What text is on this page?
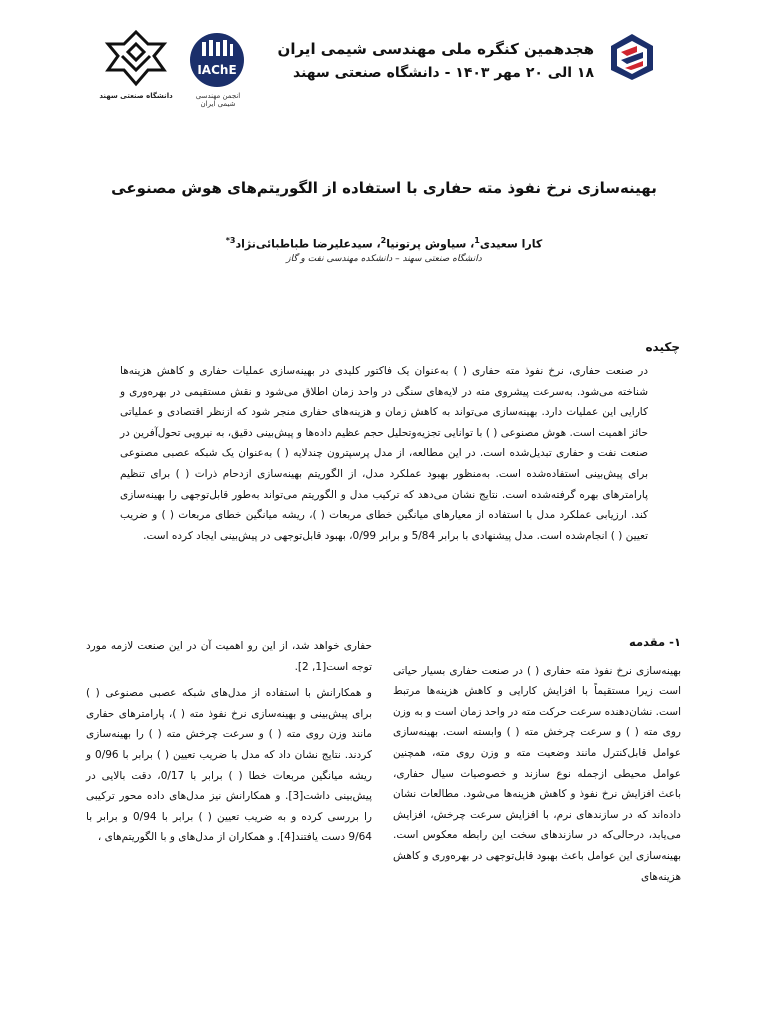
هجدهمین کنگره ملی مهندسی شیمی ایران
۱۸ الی ۲۰ مهر ۱۴۰۳ - دانشگاه صنعتی سهند
IAChE
انجمن مهندسی شیمی ایران
دانشگاه صنعتی سهند
بهینه‌سازی نرخ نفوذ مته حفاری با استفاده از الگوریتم‌های هوش مصنوعی
کارا سعیدی$^1$، سیاوش پرتونیا$^2$، سیدعلیرضا طباطبائی‌نژاد$^{3*}$
دانشگاه صنعتی سهند – دانشکده مهندسی نفت و گاز
چکیده
در صنعت حفاری، نرخ نفوذ مته حفاری ( ) به‌عنوان یک فاکتور کلیدی در بهینه‌سازی عملیات حفاری و کاهش هزینه‌ها شناخته می‌شود. به‌سرعت پیشروی مته در لایه‌های سنگی در واحد زمان اطلاق می‌شود و نقش مستقیمی در بهره‌وری و کارایی این عملیات دارد. بهینه‌سازی می‌تواند به کاهش زمان و هزینه‌های حفاری منجر شود که ازنظر اقتصادی و عملیاتی حائز اهمیت است. هوش مصنوعی ( ) با توانایی تجزیه‌وتحلیل حجم عظیم داده‌ها و پیش‌بینی دقیق، به نیرویی تحول‌آفرین در صنعت نفت و حفاری تبدیل‌شده است. در این مطالعه، از مدل پرسپترون چندلایه ( ) به‌عنوان یک شبکه عصبی مصنوعی برای پیش‌بینی استفاده‌شده است. به‌منظور بهبود عملکرد مدل، از الگوریتم بهینه‌سازی ازدحام ذرات ( ) برای تنظیم پارامترهای بهره گرفته‌شده است. نتایج نشان می‌دهد که ترکیب مدل و الگوریتم می‌تواند به‌طور قابل‌توجهی را بهینه‌سازی کند. ارزیابی عملکرد مدل با استفاده از معیارهای میانگین خطای مربعات ( )، ریشه میانگین خطای مربعات ( ) و ضریب تعیین ( ) انجام‌شده است. مدل پیشنهادی با برابر 5/84 و برابر 0/99، بهبود قابل‌توجهی در پیش‌بینی ایجاد کرده است.
۱- مقدمه

بهینه‌سازی نرخ نفوذ مته حفاری ( ) در صنعت حفاری بسیار حیاتی است زیرا مستقیماً با افزایش کارایی و کاهش هزینه‌ها مرتبط است. نشان‌دهنده سرعت حرکت مته در واحد زمان است و به وزن روی مته ( ) و سرعت چرخش مته ( ) وابسته است. بهینه‌سازی عوامل قابل‌کنترل مانند وضعیت مته و وزن روی مته، همچنین عوامل محیطی ازجمله نوع سازند و خصوصیات سیال حفاری، باعث افزایش نرخ نفوذ و کاهش هزینه‌ها می‌شود. مطالعات نشان داده‌اند که در سازندهای نرم، با افزایش سرعت چرخش، افزایش می‌یابد، درحالی‌که در سازندهای سخت این رابطه معکوس است. بهینه‌سازی این عوامل باعث بهبود قابل‌توجهی در بهره‌وری و کاهش هزینه‌های

حفاری خواهد شد، از این رو اهمیت آن در این صنعت لازمه مورد توجه است[1, 2].

و همکارانش با استفاده از مدل‌های شبکه عصبی مصنوعی ( ) برای پیش‌بینی و بهینه‌سازی نرخ نفوذ مته ( )، پارامترهای حفاری مانند وزن روی مته ( ) و سرعت چرخش مته ( ) را بهینه‌سازی کردند. نتایج نشان داد که مدل با ضریب تعیین ( ) برابر با 0/96 و ریشه میانگین مربعات خطا ( ) برابر با 0/17، دقت بالایی در پیش‌بینی داشت[3]. و همکارانش نیز مدل‌های داده محور ترکیبی را بررسی کرده و به ضریب تعیین ( ) برابر با 0/94 و برابر با 9/64 دست یافتند[4]. و همکاران از مدل‌های و با الگوریتم‌های ،
